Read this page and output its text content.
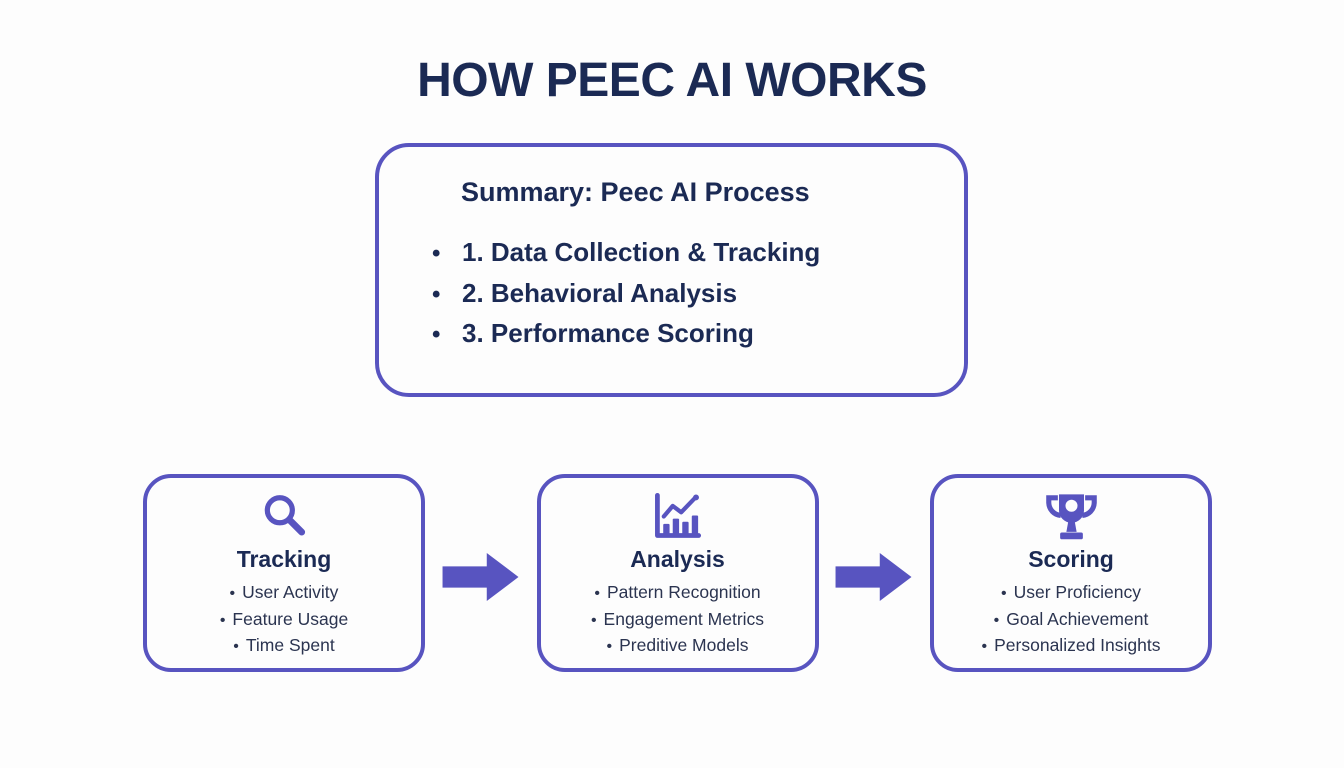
HOW PEEC AI WORKS
Summary: Peec AI Process
• 1. Data Collection & Tracking
• 2. Behavioral Analysis
• 3. Performance Scoring
Tracking
• User Activity
• Feature Usage
• Time Spent
Analysis
• Pattern Recognition
• Engagement Metrics
• Preditive Models
Scoring
• User Proficiency
• Goal Achievement
• Personalized Insights
